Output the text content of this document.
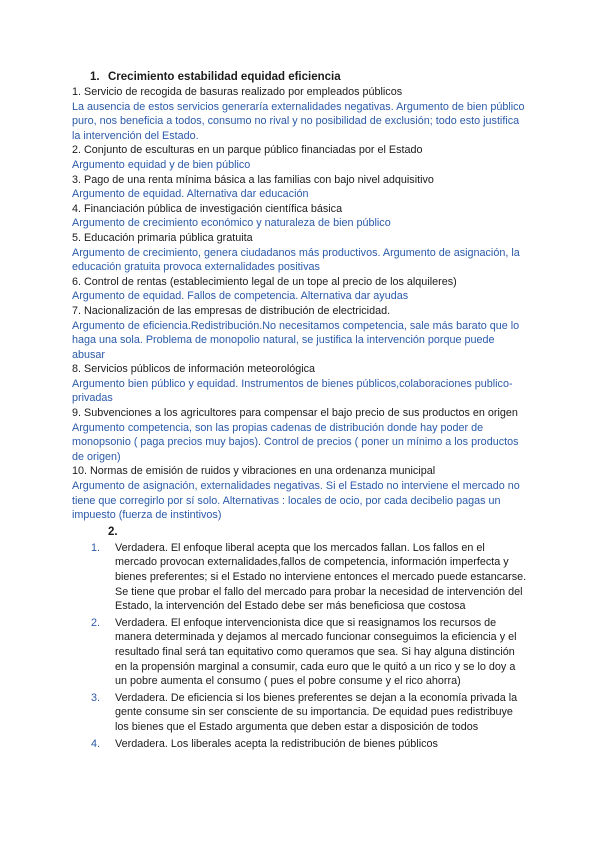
1. Crecimiento estabilidad equidad eficiencia

1. Servicio de recogida de basuras realizado por empleados públicos

La ausencia de estos servicios generaría externalidades negativas. Argumento de bien público puro, nos beneficia a todos, consumo no rival y no posibilidad de exclusión; todo esto justifica la intervención del Estado.

2. Conjunto de esculturas en un parque público financiadas por el Estado

Argumento equidad y de bien público

3. Pago de una renta mínima básica a las familias con bajo nivel adquisitivo

Argumento de equidad. Alternativa dar educación

4. Financiación pública de investigación científica básica

Argumento de crecimiento económico y naturaleza de bien público

5. Educación primaria pública gratuita

Argumento de crecimiento, genera ciudadanos más productivos. Argumento de asignación, la educación gratuita provoca externalidades positivas

6. Control de rentas (establecimiento legal de un tope al precio de los alquileres)

Argumento de equidad. Fallos de competencia. Alternativa dar ayudas

7. Nacionalización de las empresas de distribución de electricidad.

Argumento de eficiencia.Redistribución.No necesitamos competencia, sale más barato que lo haga una sola. Problema de monopolio natural, se justifica la intervención porque puede abusar

8. Servicios públicos de información meteorológica

Argumento bien público y equidad. Instrumentos de bienes públicos,colaboraciones publico-privadas

9. Subvenciones a los agricultores para compensar el bajo precio de sus productos en origen

Argumento competencia, son las propias cadenas de distribución donde hay poder de monopsonio ( paga precios muy bajos). Control de precios ( poner un mínimo a los productos de origen)

10. Normas de emisión de ruidos y vibraciones en una ordenanza municipal

Argumento de asignación, externalidades negativas. Si el Estado no interviene el mercado no tiene que corregirlo por sí solo. Alternativas : locales de ocio, por cada decibelio pagas un impuesto (fuerza de instintivos)

2.

1. Verdadera. El enfoque liberal acepta que los mercados fallan. Los fallos en el mercado provocan externalidades,fallos de competencia, información imperfecta y bienes preferentes; si el Estado no interviene entonces el mercado puede estancarse. Se tiene que probar el fallo del mercado para probar la necesidad de intervención del Estado, la intervención del Estado debe ser más beneficiosa que costosa
2. Verdadera. El enfoque intervencionista dice que si reasignamos los recursos de manera determinada y dejamos al mercado funcionar conseguimos la eficiencia y el resultado final será tan equitativo como queramos que sea. Si hay alguna distinción en la propensión marginal a consumir, cada euro que le quitó a un rico y se lo doy a un pobre aumenta el consumo ( pues el pobre consume y el rico ahorra)
3. Verdadera. De eficiencia si los bienes preferentes se dejan a la economía privada la gente consume sin ser consciente de su importancia. De equidad pues redistribuye los bienes que el Estado argumenta que deben estar a disposición de todos
4. Verdadera. Los liberales acepta la redistribución de bienes públicos
